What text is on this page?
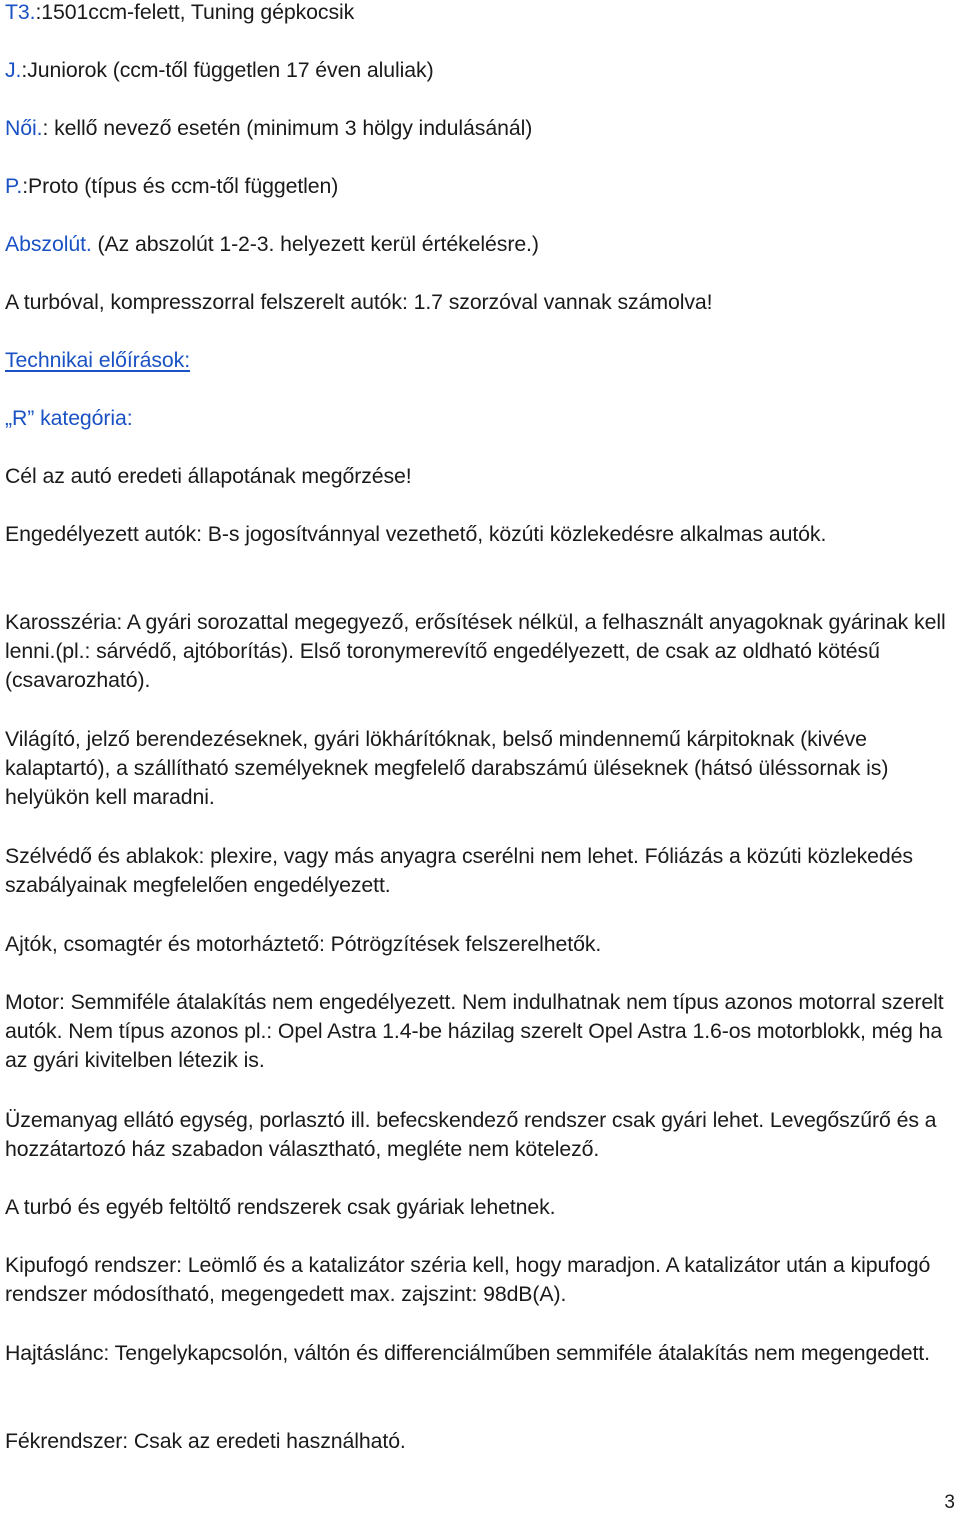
T3.:1501ccm-felett, Tuning gépkocsik
J.:Juniorok (ccm-től független 17 éven aluliak)
Női.: kellő nevező esetén (minimum 3 hölgy indulásánál)
P.:Proto (típus és ccm-től független)
Abszolút. (Az abszolút 1-2-3. helyezett kerül értékelésre.)
A turbóval, kompresszorral felszerelt autók: 1.7 szorzóval vannak számolva!
Technikai előírások:
„R” kategória:
Cél az autó eredeti állapotának megőrzése!
Engedélyezett autók: B-s jogosítvánnyal vezethető, közúti közlekedésre alkalmas autók.
Karosszéria: A gyári sorozattal megegyező, erősítések nélkül, a felhasznált anyagoknak gyárinak kell lenni.(pl.: sárvédő, ajtóborítás). Első toronymerevítő engedélyezett, de csak az oldható kötésű (csavarozható).
Világító, jelző berendezéseknek, gyári lökhárítóknak, belső mindennemű kárpitoknak (kivéve kalaptartó), a szállítható személyeknek megfelelő darabszámú üléseknek (hátsó üléssornak is) helyükön kell maradni.
Szélvédő és ablakok: plexire, vagy más anyagra cserélni nem lehet. Fóliázás a közúti közlekedés szabályainak megfelelően engedélyezett.
Ajtók, csomagtér és motorháztető: Pótrögzítések felszerelhetők.
Motor: Semmiféle átalakítás nem engedélyezett. Nem indulhatnak nem típus azonos motorral szerelt autók. Nem típus azonos pl.: Opel Astra 1.4-be házilag szerelt Opel Astra 1.6-os motorblokk, még ha az gyári kivitelben létezik is.
Üzemanyag ellátó egység, porlasztó ill. befecskendező rendszer csak gyári lehet. Levegőszűrő és a hozzátartozó ház szabadon választható, megléte nem kötelező.
A turbó és egyéb feltöltő rendszerek csak gyáriak lehetnek.
Kipufogó rendszer: Leömlő és a katalizátor széria kell, hogy maradjon. A katalizátor után a kipufogó rendszer módosítható, megengedett max. zajszint: 98dB(A).
Hajtáslánc: Tengelykapcsolón, váltón és differenciálműben semmiféle átalakítás nem megengedett.
Fékrendszer: Csak az eredeti használható.
3
